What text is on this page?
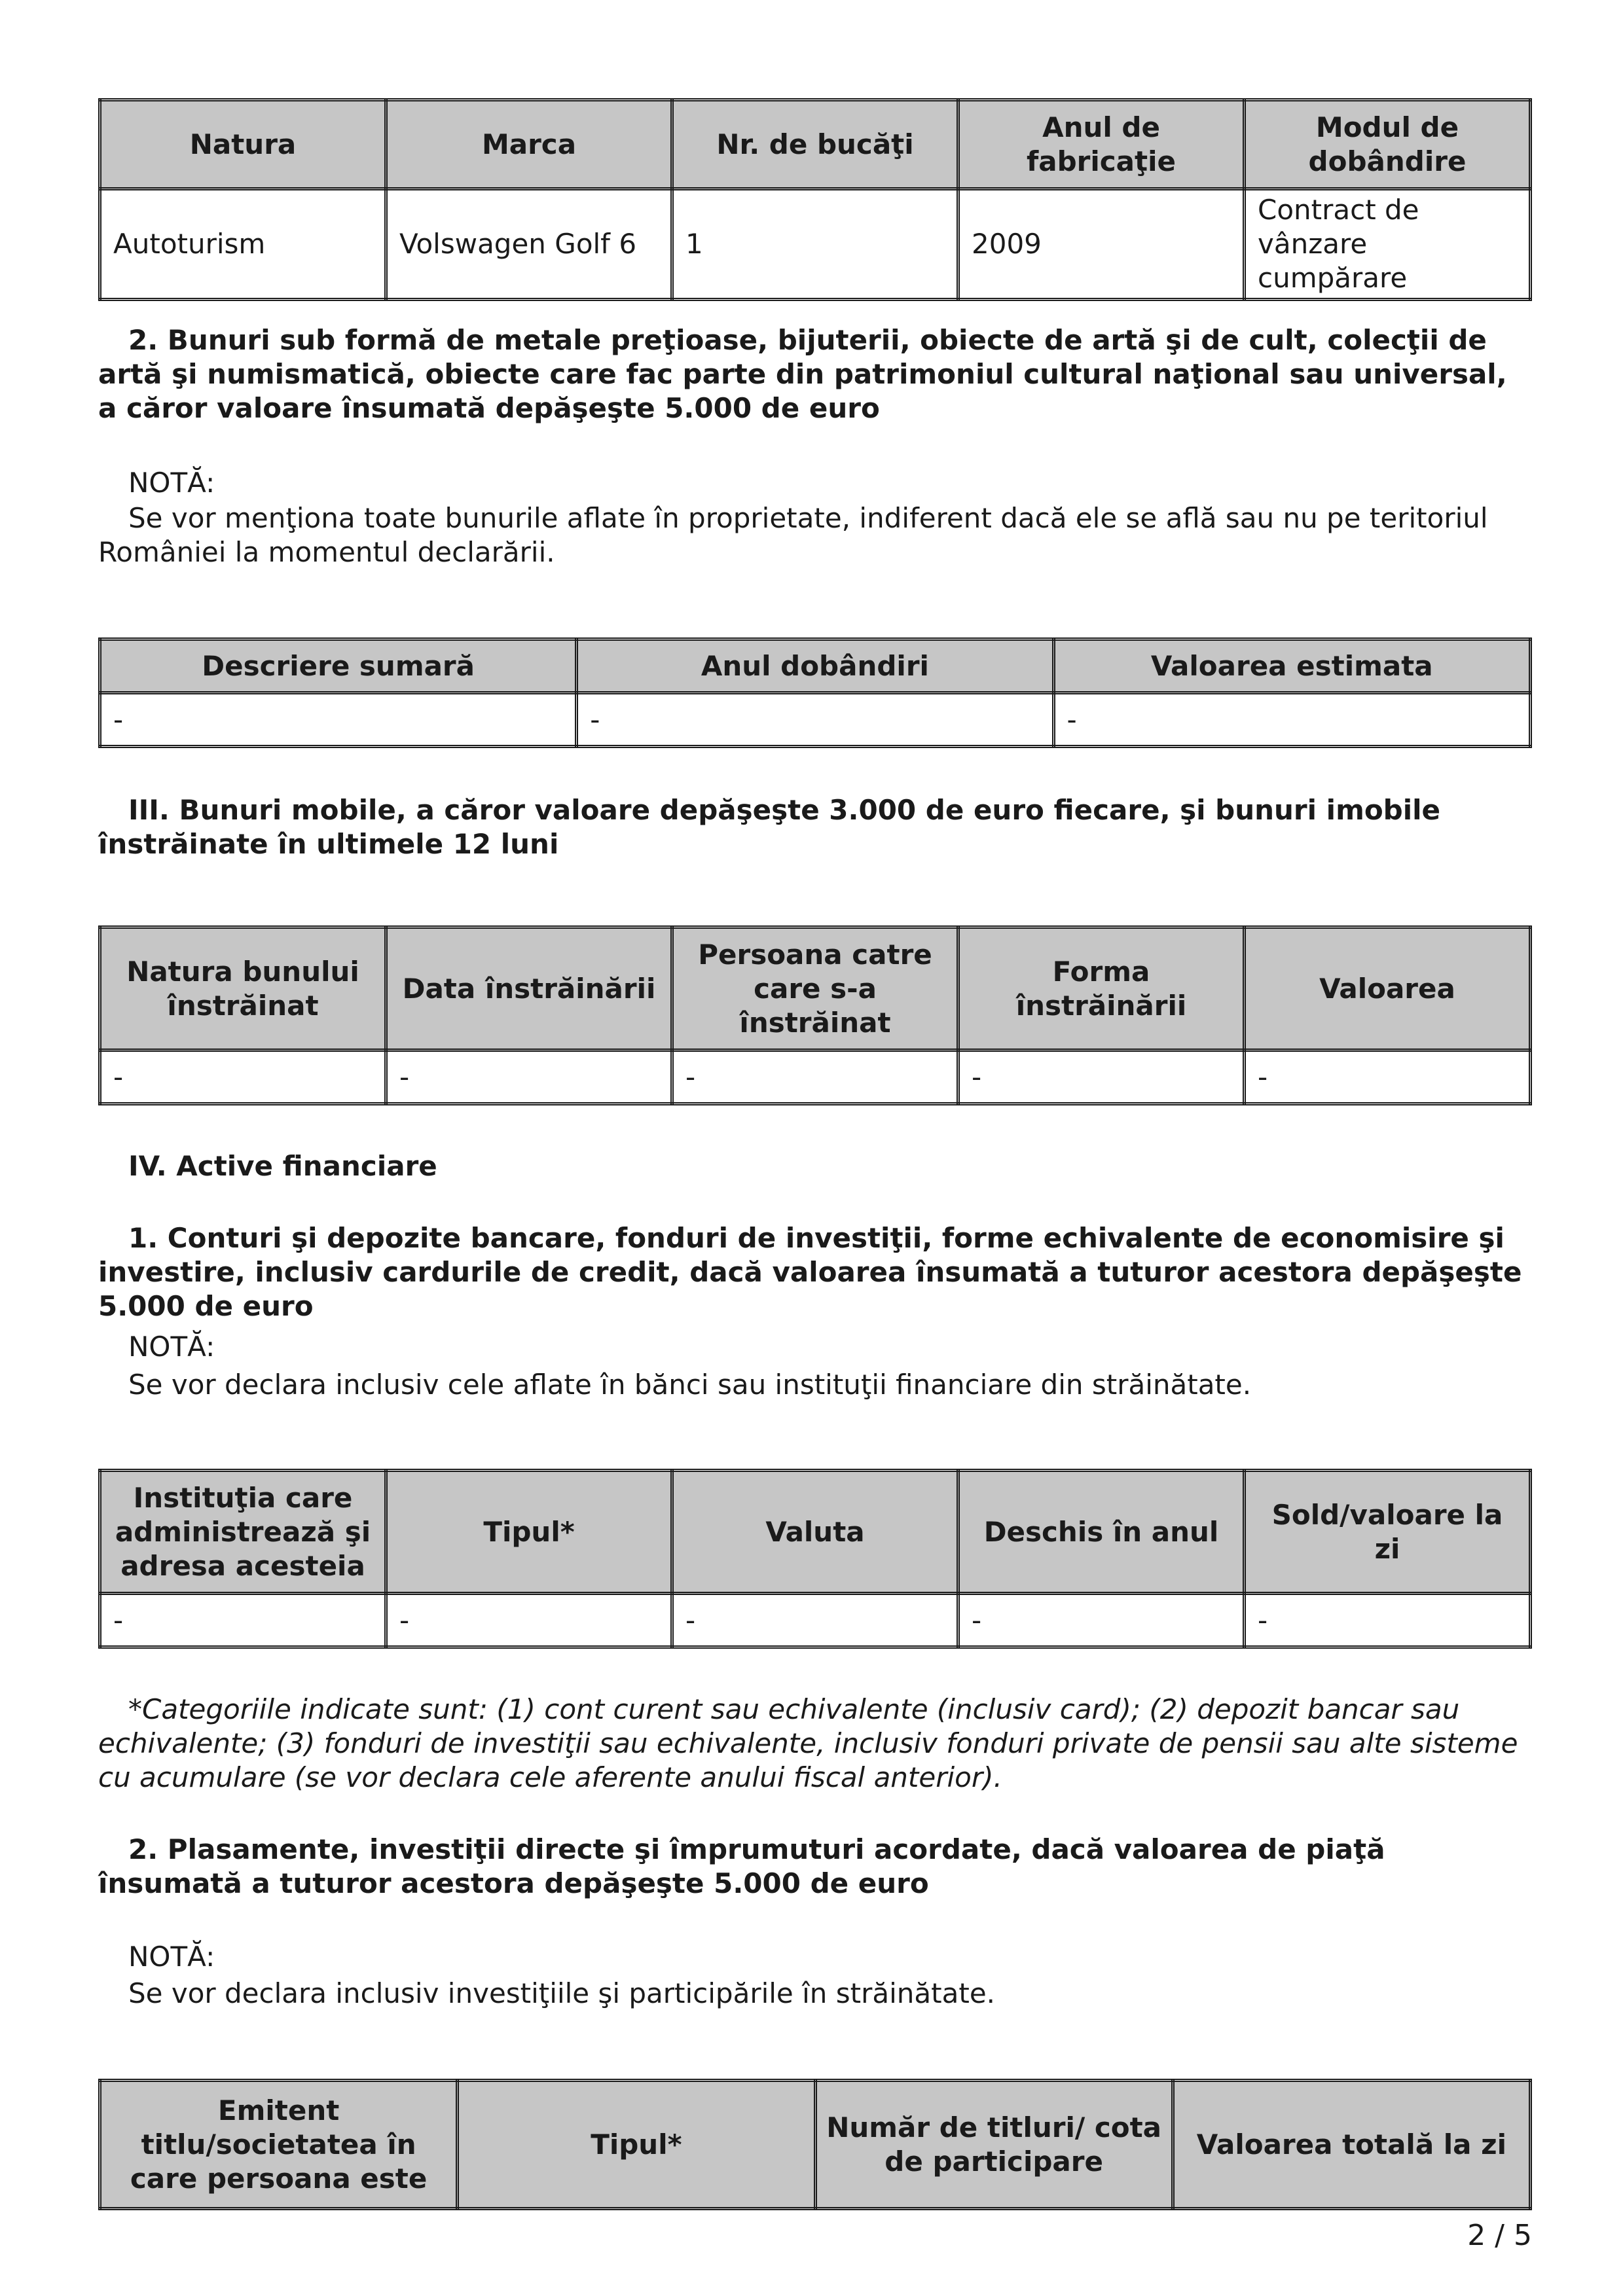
Natura	Marca	Nr. de bucăţi	Anul de fabricaţie	Modul de dobândire
Autoturism	Volswagen Golf 6	1	2009	Contract de vânzare cumpărare
2. Bunuri sub formă de metale preţioase, bijuterii, obiecte de artă şi de cult, colecţii de artă şi numismatică, obiecte care fac parte din patrimoniul cultural naţional sau universal, a căror valoare însumată depăşeşte 5.000 de euro
NOTĂ:
Se vor menţiona toate bunurile aflate în proprietate, indiferent dacă ele se află sau nu pe teritoriul României la momentul declarării.
Descriere sumară	Anul dobândiri	Valoarea estimata
-	-	-
III. Bunuri mobile, a căror valoare depăşeşte 3.000 de euro fiecare, şi bunuri imobile înstrăinate în ultimele 12 luni
Natura bunului înstrăinat	Data înstrăinării	Persoana catre care s-a înstrăinat	Forma înstrăinării	Valoarea
-	-	-	-	-
IV. Active financiare
1. Conturi şi depozite bancare, fonduri de investiţii, forme echivalente de economisire şi investire, inclusiv cardurile de credit, dacă valoarea însumată a tuturor acestora depăşeşte 5.000 de euro
NOTĂ:
Se vor declara inclusiv cele aflate în bănci sau instituţii financiare din străinătate.
Instituţia care administrează şi adresa acesteia	Tipul*	Valuta	Deschis în anul	Sold/valoare la zi
-	-	-	-	-
*Categoriile indicate sunt: (1) cont curent sau echivalente (inclusiv card); (2) depozit bancar sau echivalente; (3) fonduri de investiţii sau echivalente, inclusiv fonduri private de pensii sau alte sisteme cu acumulare (se vor declara cele aferente anului fiscal anterior).
2. Plasamente, investiţii directe şi împrumuturi acordate, dacă valoarea de piaţă însumată a tuturor acestora depăşeşte 5.000 de euro
NOTĂ:
Se vor declara inclusiv investiţiile şi participările în străinătate.
Emitent titlu/societatea în care persoana este	Tipul*	Număr de titluri/ cota de participare	Valoarea totală la zi
2 / 5
